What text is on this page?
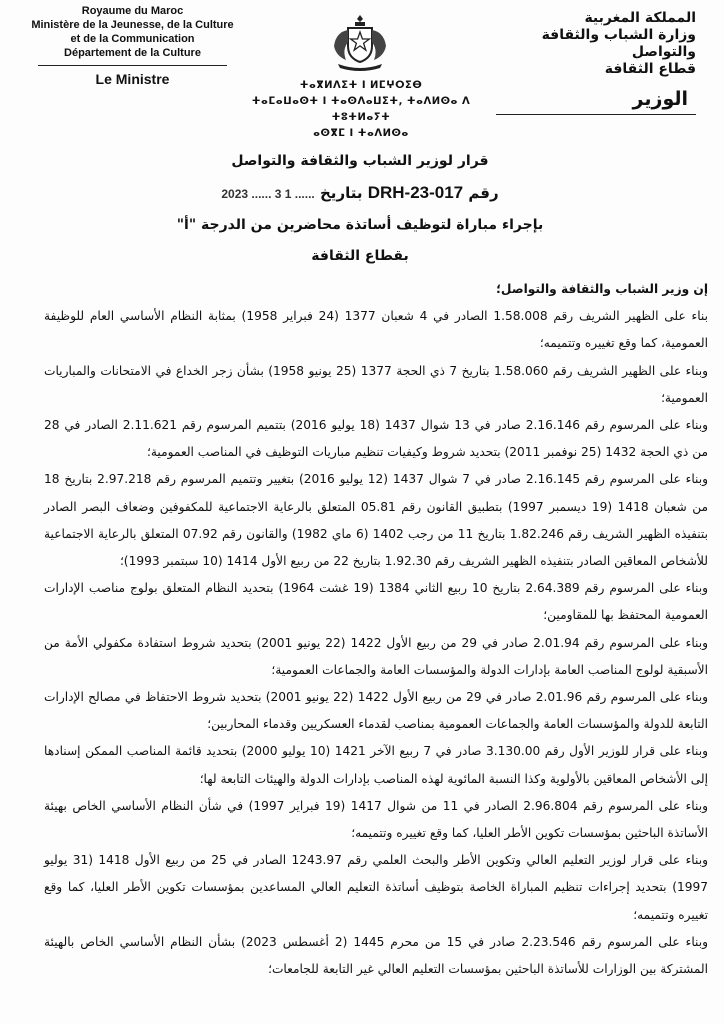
Royaume du Maroc
Ministère de la Jeunesse, de la Culture
et de la Communication
Département de la Culture
Le Ministre	ⵜⴰⴳⵍⴷⵉⵜ ⵏ ⵍⵎⵖⵔⵉⴱ
ⵜⴰⵎⴰⵡⴰⵙⵜ ⵏ ⵜⴰⵙⴷⴰⵡⵉⵜ, ⵜⴰⴷⵍⵙⴰ ⴷ ⵜⵓⵜⵍⴰⵢⵜ
ⴰⵙⴳⵎ ⵏ ⵜⴰⴷⵍⵙⴰ
المملكة المغربية
وزارة الشباب والثقافة
والتواصل
قطاع الثقافة
الوزير
قرار لوزير الشباب والثقافة والتواصل
رقم DRH-23-017 بتاريخ 2023 ...... 3 1 ......
بإجراء مباراة لتوظيف أساتذة محاضرين من الدرجة "أ"
بقطاع الثقافة

إن وزير الشباب والثقافة والتواصل؛

بناء على الظهير الشريف رقم 1.58.008 الصادر في 4 شعبان 1377 (24 فبراير 1958) بمثابة النظام الأساسي العام للوظيفة العمومية، كما وقع تغييره وتتميمه؛

وبناء على الظهير الشريف رقم 1.58.060 بتاريخ 7 ذي الحجة 1377 (25 يونيو 1958) بشأن زجر الخداع في الامتحانات والمباريات العمومية؛

وبناء على المرسوم رقم 2.16.146 صادر في 13 شوال 1437 (18 يوليو 2016) بتتميم المرسوم رقم 2.11.621 الصادر في 28 من ذي الحجة 1432 (25 نوفمبر 2011) بتحديد شروط وكيفيات تنظيم مباريات التوظيف في المناصب العمومية؛

وبناء على المرسوم رقم 2.16.145 صادر في 7 شوال 1437 (12 يوليو 2016) بتغيير وتتميم المرسوم رقم 2.97.218 بتاريخ 18 من شعبان 1418 (19 ديسمبر 1997) بتطبيق القانون رقم 05.81 المتعلق بالرعاية الاجتماعية للمكفوفين وضعاف البصر الصادر بتنفيذه الظهير الشريف رقم 1.82.246 بتاريخ 11 من رجب 1402 (6 ماي 1982) والقانون رقم 07.92 المتعلق بالرعاية الاجتماعية للأشخاص المعاقين الصادر بتنفيذه الظهير الشريف رقم 1.92.30 بتاريخ 22 من ربيع الأول 1414 (10 سبتمبر 1993)؛

وبناء على المرسوم رقم 2.64.389 بتاريخ 10 ربيع الثاني 1384 (19 غشت 1964) بتحديد النظام المتعلق بولوج مناصب الإدارات العمومية المحتفظ بها للمقاومين؛

وبناء على المرسوم رقم 2.01.94 صادر في 29 من ربيع الأول 1422 (22 يونيو 2001) بتحديد شروط استفادة مكفولي الأمة من الأسبقية لولوج المناصب العامة بإدارات الدولة والمؤسسات العامة والجماعات العمومية؛

وبناء على المرسوم رقم 2.01.96 صادر في 29 من ربيع الأول 1422 (22 يونيو 2001) بتحديد شروط الاحتفاظ في مصالح الإدارات التابعة للدولة والمؤسسات العامة والجماعات العمومية بمناصب لقدماء العسكريين وقدماء المحاربين؛

وبناء على قرار للوزير الأول رقم 3.130.00 صادر في 7 ربيع الآخر 1421 (10 يوليو 2000) بتحديد قائمة المناصب الممكن إسنادها إلى الأشخاص المعاقين بالأولوية وكذا النسبة المائوية لهذه المناصب بإدارات الدولة والهيئات التابعة لها؛

وبناء على المرسوم رقم 2.96.804 الصادر في 11 من شوال 1417 (19 فبراير 1997) في شأن النظام الأساسي الخاص بهيئة الأساتذة الباحثين بمؤسسات تكوين الأطر العليا، كما وقع تغييره وتتميمه؛

وبناء على قرار لوزير التعليم العالي وتكوين الأطر والبحث العلمي رقم 1243.97 الصادر في 25 من ربيع الأول 1418 (31 يوليو 1997) بتحديد إجراءات تنظيم المباراة الخاصة بتوظيف أساتذة التعليم العالي المساعدين بمؤسسات تكوين الأطر العليا، كما وقع تغييره وتتميمه؛

وبناء على المرسوم رقم 2.23.546 صادر في 15 من محرم 1445 (2 أغسطس 2023) بشأن النظام الأساسي الخاص بالهيئة المشتركة بين الوزارات للأساتذة الباحثين بمؤسسات التعليم العالي غير التابعة للجامعات؛
